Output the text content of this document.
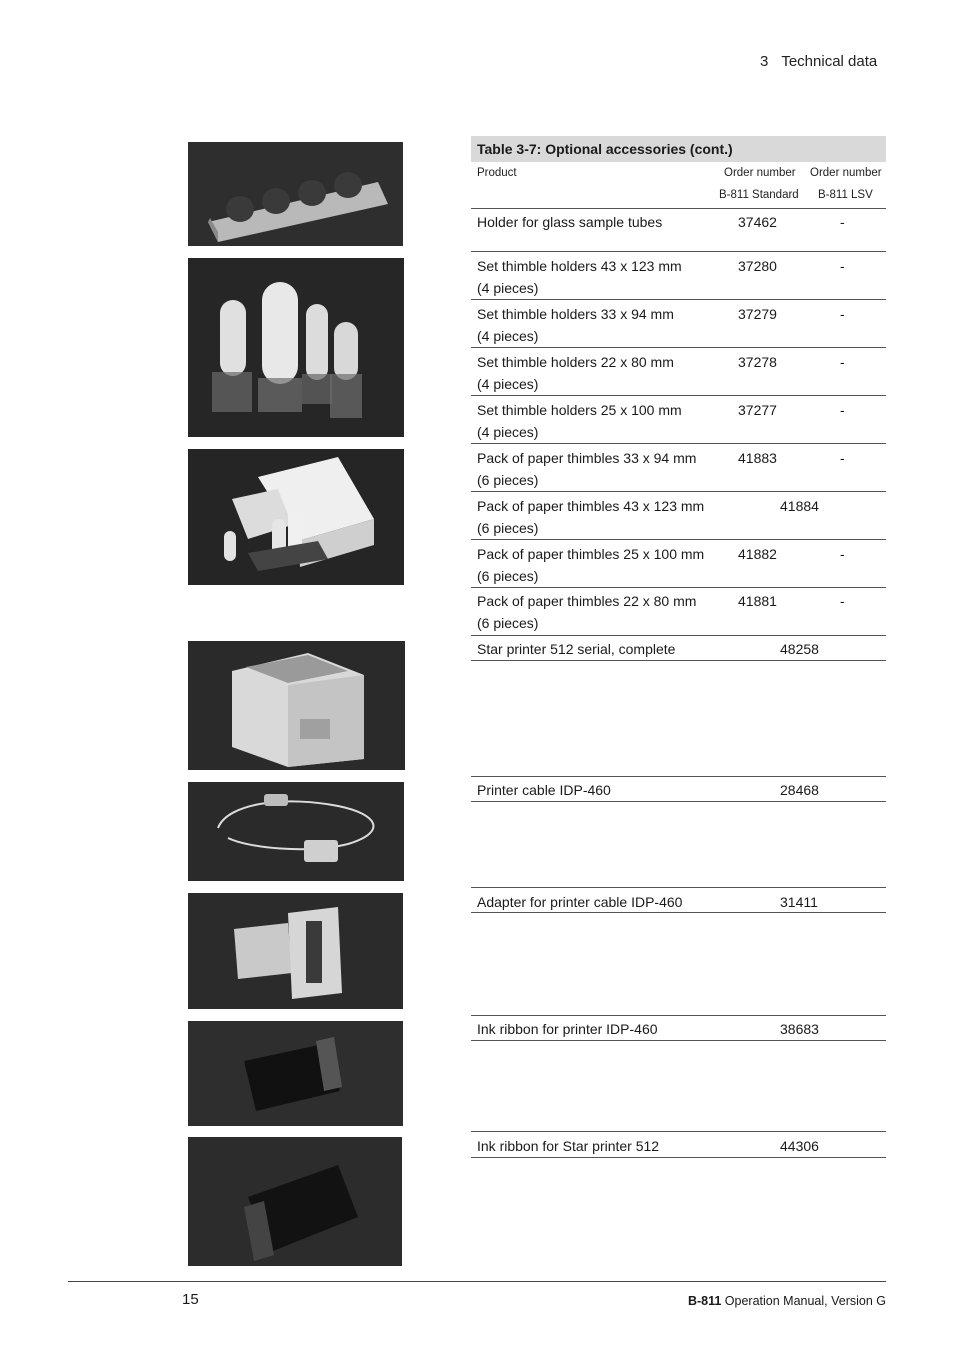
3 Technical data
Table 3-7: Optional accessories (cont.)
Product	Order number
B-811 Standard
Order number
B-811 LSV
Holder for glass sample tubes	37462	-
Set thimble holders 43 x 123 mm
(4 pieces)
37280	-
Set thimble holders 33 x 94 mm
(4 pieces)
37279	-
Set thimble holders 22 x 80 mm
(4 pieces)
37278	-
Set thimble holders 25 x 100 mm
(4 pieces)
37277	-
Pack of paper thimbles 33 x 94 mm
(6 pieces)
41883	-
Pack of paper thimbles 43 x 123 mm
(6 pieces)
41884
Pack of paper thimbles 25 x 100 mm
(6 pieces)
41882	-
Pack of paper thimbles 22 x 80 mm
(6 pieces)
41881	-
Star printer 512 serial, complete	48258
Printer cable IDP-460	28468
Adapter for printer cable IDP-460	31411
Ink ribbon for printer IDP-460	38683
Ink ribbon for Star printer 512	44306
15	B-811 Operation Manual, Version G
